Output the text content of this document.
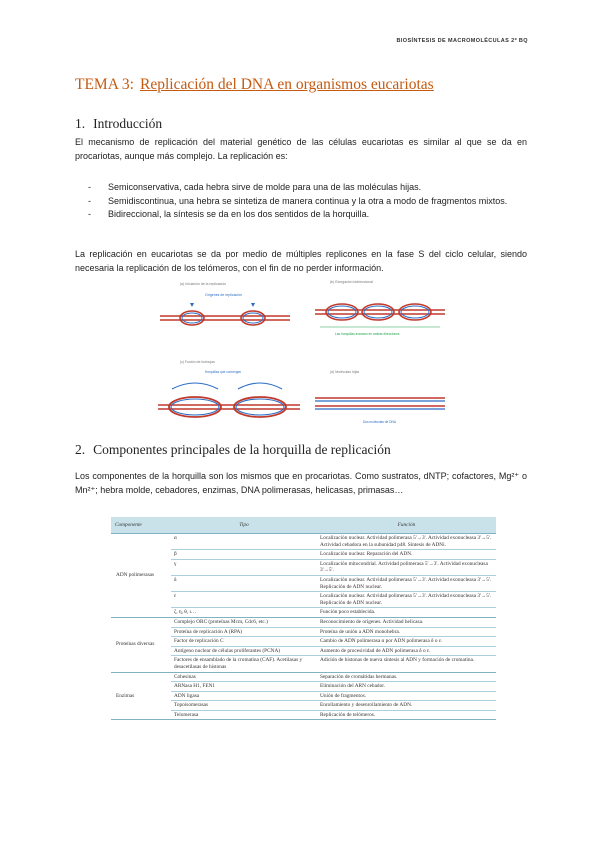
BIOSÍNTESIS DE MACROMOLÉCULAS 2º BQ
TEMA 3: Replicación del DNA en organismos eucariotas
1. Introducción

El mecanismo de replicación del material genético de las células eucariotas es similar al que se da en procariotas, aunque más complejo. La replicación es:

- Semiconservativa, cada hebra sirve de molde para una de las moléculas hijas.
- Semidiscontinua, una hebra se sintetiza de manera continua y la otra a modo de fragmentos mixtos.
- Bidireccional, la síntesis se da en los dos sentidos de la horquilla.

La replicación en eucariotas se da por medio de múltiples replicones en la fase S del ciclo celular, siendo necesaria la replicación de los telómeros, con el fin de no perder información.

(a) Iniciación de la replicación
Orígenes de replicación
(b) Elongación bidireccional
Las horquillas avanzan en ambas direcciones
(c) Fusión de burbujas
Horquillas que convergen	(d) Moléculas hijas
Dos moléculas de DNA
2. Componentes principales de la horquilla de replicación

Los componentes de la horquilla son los mismos que en procariotas. Como sustratos, dNTP; cofactores, Mg²⁺ o Mn²⁺; hebra molde, cebadores, enzimas, DNA polimerasas, helicasas, primasas…

Componente	Tipo	Función
ADN polimerasas	α	Localización nuclear. Actividad polimerasa 5'→3'. Actividad exonucleasa 3'→5'. Actividad cebadora en la subunidad p48. Síntesis de ADNi.
	β	Localización nuclear. Reparación del ADN.
	γ	Localización mitocondrial. Actividad polimerasa 5'→3'. Actividad exonucleasa 3'→5'.
	δ	Localización nuclear. Actividad polimerasa 5'→3'. Actividad exonucleasa 3'→5'. Replicación de ADN nuclear.
	ε	Localización nuclear. Actividad polimerasa 5'→3'. Actividad exonucleasa 3'→5'. Replicación de ADN nuclear.
	ζ, η, θ, ι…	Función poco establecida.
Proteínas diversas	Complejo ORC (proteínas Mcm, Cdc6, etc.)	Reconocimiento de orígenes. Actividad helicasa.
	Proteína de replicación A (RPA)	Proteína de unión a ADN monohebra.
	Factor de replicación C	Cambio de ADN polimerasa α por ADN polimerasa δ o ε.
	Antígeno nuclear de células proliferantes (PCNA)	Aumento de procesividad de ADN polimerasa δ o ε.
	Factores de ensamblado de la cromatina (CAF). Acetilasas y desacetilasas de histonas	Adición de histonas de nueva síntesis al ADN y formación de cromatina.
Enzimas	Cohesinas	Separación de cromátidas hermanas.
	ARNasa H1, FEN1	Eliminación del ARN cebador.
	ADN ligasa	Unión de fragmentos.
	Topoisomerasas	Enrollamiento y desenrollamiento de ADN.
	Telomerasa	Replicación de telómeros.
